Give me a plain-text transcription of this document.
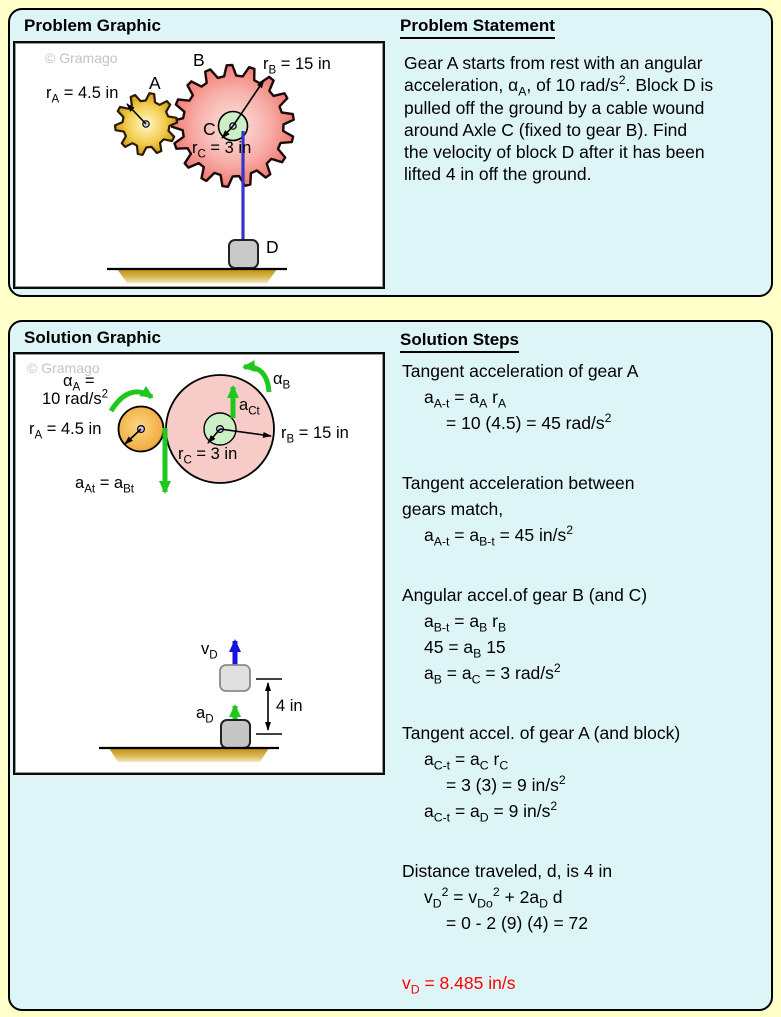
Problem Graphic
© Gramago
A
B
C
D
$r_A = 4.5$ in
$r_B = 15$ in
$r_C = 3$ in
Problem Statement
Gear A starts from rest with an angular
acceleration, $\alpha_A$, of 10 rad/$s^2$. Block D is
pulled off the ground by a cable wound
around Axle C (fixed to gear B). Find
the velocity of block D after it has been
lifted 4 in off the ground.
Solution Graphic
© Gramago
$\alpha_A$ =
10 rad/$s^2$
$\alpha_B$
$r_A = 4.5$ in	$r_B = 15$ in
$r_C = 3$ in
$a_{Ct}$
$a_{At} = a_{Bt}$
$v_D$
$a_D$
4 in
Solution Steps
Tangent acceleration of gear A
$a_{A-t} = a_A$ $r_A$
= 10 (4.5) = 45 rad/$s^2$
Tangent acceleration between
gears match,
$a_{A-t} = a_{B-t} = 45$ $in/s^2$
Angular accel.of gear B (and C)
$a_{B-t} = a_B$ $r_B$
$45 = a_B$ 15
$a_B = a_C = 3$ rad/$s^2$
Tangent accel. of gear A (and block)
$a_{C-t} = a_C$ $r_C$
= 3 (3) = 9 $in/s^2$
$a_{C-t} = a_D = 9$ $in/s^2$
Distance traveled, d, is 4 in
$v_D^2 = v_{Do}^2 + 2a_D$ d
= 0 - 2 (9) (4) = 72
$v_D = 8.485$ in/s
